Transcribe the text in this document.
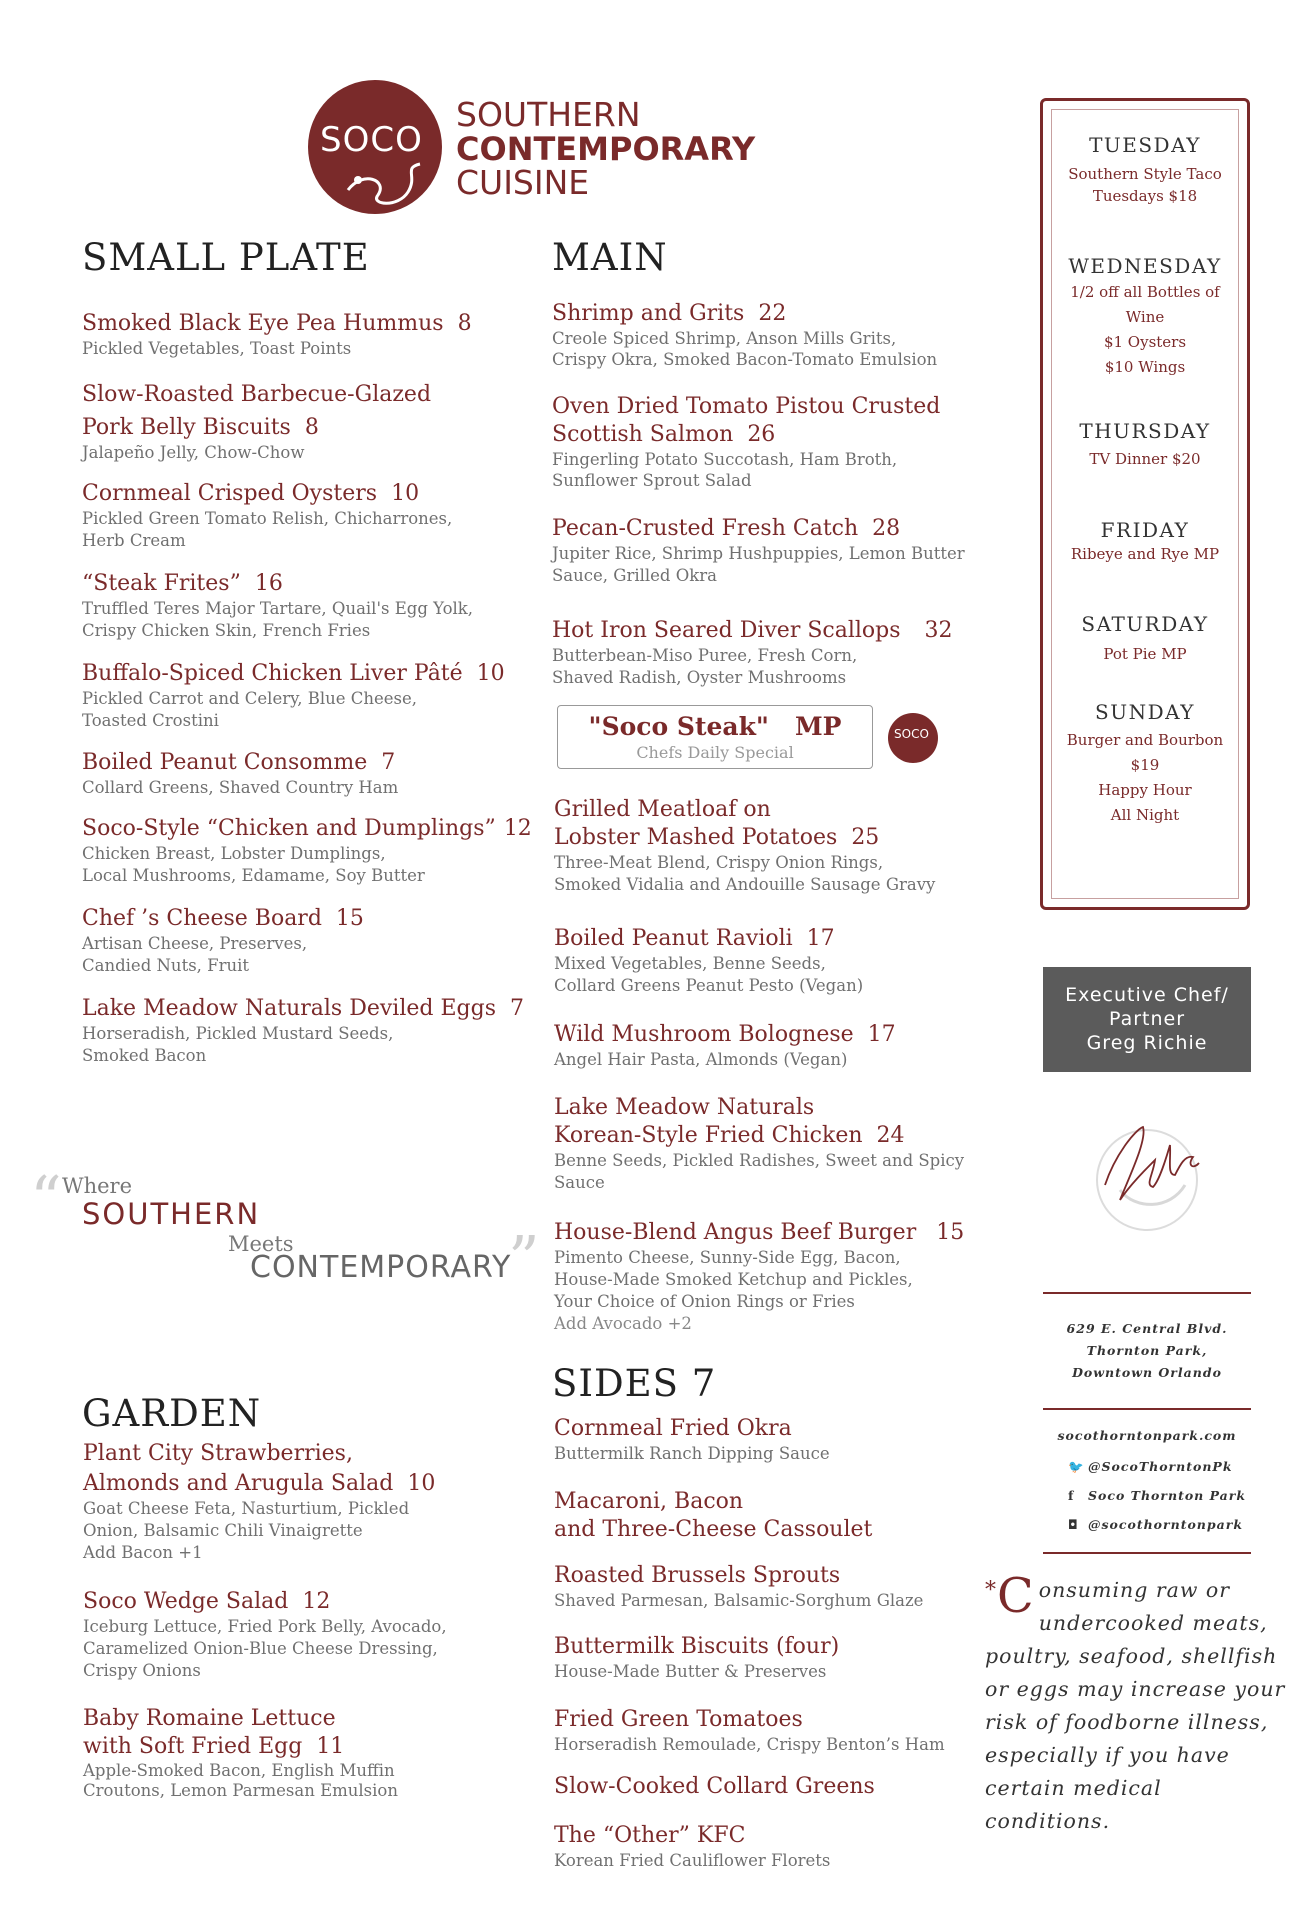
SOCO
SOUTHERN
CONTEMPORARY
CUISINE
SMALL PLATE
Smoked Black Eye Pea Hummus 8
Pickled Vegetables, Toast Points
Slow-Roasted Barbecue-Glazed
Pork Belly Biscuits 8
Jalapeño Jelly, Chow-Chow
Cornmeal Crisped Oysters 10
Pickled Green Tomato Relish, Chicharrones,
Herb Cream
“Steak Frites” 16
Truffled Teres Major Tartare, Quail's Egg Yolk,
Crispy Chicken Skin, French Fries
Buffalo-Spiced Chicken Liver Pâté 10
Pickled Carrot and Celery, Blue Cheese,
Toasted Crostini
Boiled Peanut Consomme 7
Collard Greens, Shaved Country Ham
Soco-Style “Chicken and Dumplings” 12
Chicken Breast, Lobster Dumplings,
Local Mushrooms, Edamame, Soy Butter
Chef ’s Cheese Board 15
Artisan Cheese, Preserves,
Candied Nuts, Fruit
Lake Meadow Naturals Deviled Eggs 7
Horseradish, Pickled Mustard Seeds,
Smoked Bacon
“ Where
SOUTHERN
Meets
CONTEMPORARY
”
GARDEN
Plant City Strawberries,
Almonds and Arugula Salad 10
Goat Cheese Feta, Nasturtium, Pickled
Onion, Balsamic Chili Vinaigrette
Add Bacon +1
Soco Wedge Salad 12
Iceburg Lettuce, Fried Pork Belly, Avocado,
Caramelized Onion-Blue Cheese Dressing,
Crispy Onions
Baby Romaine Lettuce
with Soft Fried Egg 11
Apple-Smoked Bacon, English Muffin
Croutons, Lemon Parmesan Emulsion
MAIN
Shrimp and Grits 22
Creole Spiced Shrimp, Anson Mills Grits,
Crispy Okra, Smoked Bacon-Tomato Emulsion
Oven Dried Tomato Pistou Crusted
Scottish Salmon 26
Fingerling Potato Succotash, Ham Broth,
Sunflower Sprout Salad
Pecan-Crusted Fresh Catch 28
Jupiter Rice, Shrimp Hushpuppies, Lemon Butter
Sauce, Grilled Okra
Hot Iron Seared Diver Scallops 32
Butterbean-Miso Puree, Fresh Corn,
Shaved Radish, Oyster Mushrooms
"Soco Steak" MP
Chefs Daily Special
SOCO
Grilled Meatloaf on
Lobster Mashed Potatoes 25
Three-Meat Blend, Crispy Onion Rings,
Smoked Vidalia and Andouille Sausage Gravy
Boiled Peanut Ravioli 17
Mixed Vegetables, Benne Seeds,
Collard Greens Peanut Pesto (Vegan)
Wild Mushroom Bolognese 17
Angel Hair Pasta, Almonds (Vegan)
Lake Meadow Naturals
Korean-Style Fried Chicken 24
Benne Seeds, Pickled Radishes, Sweet and Spicy
Sauce
House-Blend Angus Beef Burger 15
Pimento Cheese, Sunny-Side Egg, Bacon,
House-Made Smoked Ketchup and Pickles,
Your Choice of Onion Rings or Fries
Add Avocado +2
SIDES 7
Cornmeal Fried Okra
Buttermilk Ranch Dipping Sauce
Macaroni, Bacon
and Three-Cheese Cassoulet
Roasted Brussels Sprouts
Shaved Parmesan, Balsamic-Sorghum Glaze
Buttermilk Biscuits (four)
House-Made Butter & Preserves
Fried Green Tomatoes
Horseradish Remoulade, Crispy Benton’s Ham
Slow-Cooked Collard Greens
The “Other” KFC
Korean Fried Cauliflower Florets
TUESDAY
Southern Style Taco
Tuesdays $18
WEDNESDAY
1/2 off all Bottles of
Wine
$1 Oysters
$10 Wings
THURSDAY
TV Dinner $20
FRIDAY
Ribeye and Rye MP
SATURDAY
Pot Pie MP
SUNDAY
Burger and Bourbon
$19
Happy Hour
All Night
Executive Chef/
Partner
Greg Richie
629 E. Central Blvd.
Thornton Park,
Downtown Orlando
socothorntonpark.com
🐦 @SocoThorntonPk
f Soco Thornton Park
◘ @socothorntonpark
* C onsuming raw or undercooked meats, poultry, seafood, shellfish or eggs may increase your risk of foodborne illness, especially if you have certain medical conditions.
